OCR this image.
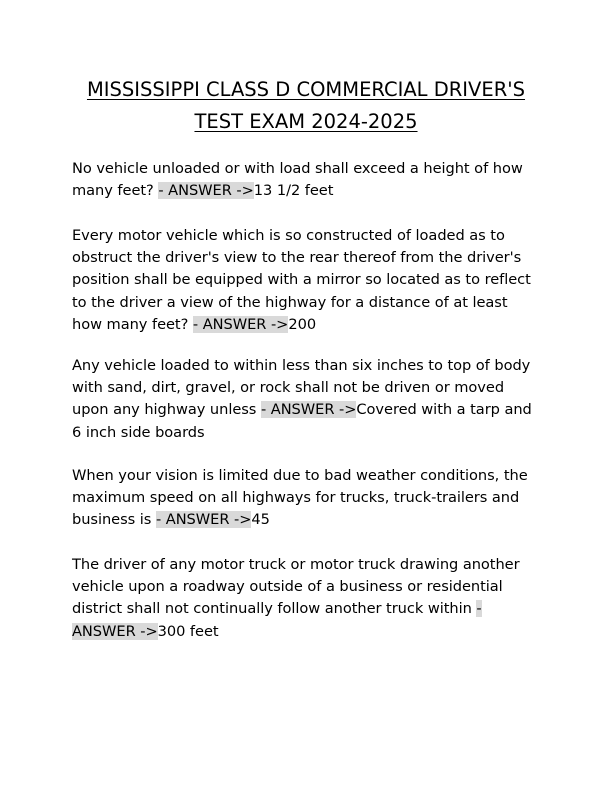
MISSISSIPPI CLASS D COMMERCIAL DRIVER'S
TEST EXAM 2024-2025

No vehicle unloaded or with load shall exceed a height of how many feet? - ANSWER ->13 1/2 feet

Every motor vehicle which is so constructed of loaded as to obstruct the driver's view to the rear thereof from the driver's position shall be equipped with a mirror so located as to reflect to the driver a view of the highway for a distance of at least how many feet? - ANSWER ->200

Any vehicle loaded to within less than six inches to top of body with sand, dirt, gravel, or rock shall not be driven or moved upon any highway unless - ANSWER ->Covered with a tarp and 6 inch side boards

When your vision is limited due to bad weather conditions, the maximum speed on all highways for trucks, truck-trailers and business is - ANSWER ->45

The driver of any motor truck or motor truck drawing another vehicle upon a roadway outside of a business or residential district shall not continually follow another truck within - ANSWER ->300 feet
